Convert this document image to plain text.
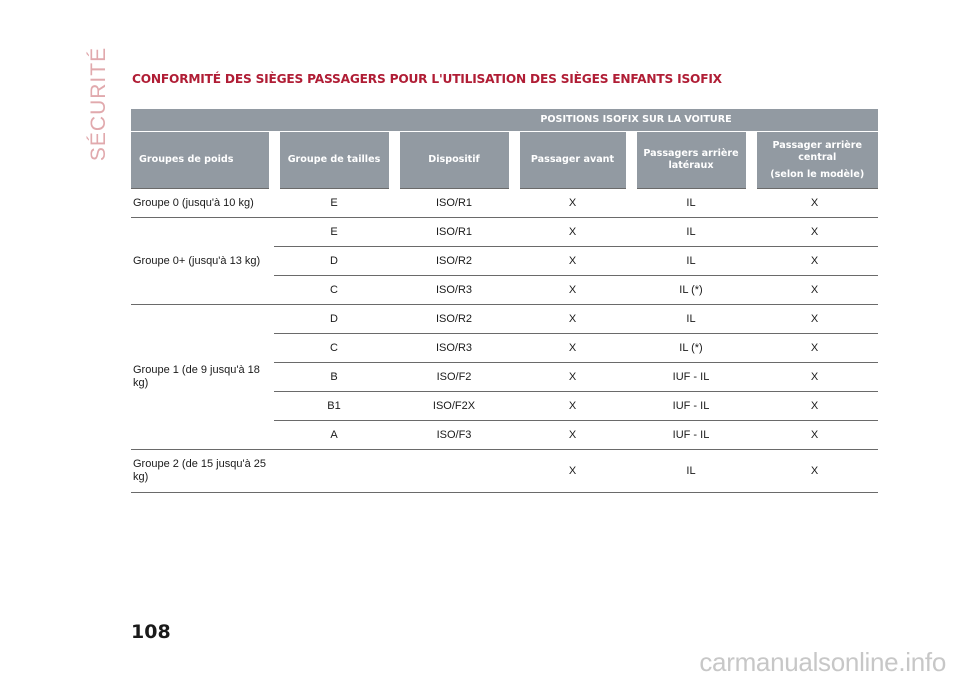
SÉCURITÉ CONFORMITÉ DES SIÈGES PASSAGERS POUR L'UTILISATION DES SIÈGES ENFANTS ISOFIX
		POSITIONS ISOFIX SUR LA VOITURE			
Groupes de poids	Groupe de tailles	Dispositif	Passager avant	Passagers arrière latéraux	Passager arrière central
(selon le modèle)

Groupe 0 (jusqu'à 10 kg)	E	ISO/R1	X	IL	X
Groupe 0+ (jusqu'à 13 kg)	E	ISO/R1	X	IL	X
	D	ISO/R2	X	IL	X
	C	ISO/R3	X	IL (*)	X
Groupe 1 (de 9 jusqu'à 18 kg)	D	ISO/R2	X	IL	X
	C	ISO/R3	X	IL (*)	X
	B	ISO/F2	X	IUF - IL	X
	B1	ISO/F2X	X	IUF - IL	X
	A	ISO/F3	X	IUF - IL	X
Groupe 2 (de 15 jusqu'à 25 kg)			X	IL	X
108
carmanualsonline.info
